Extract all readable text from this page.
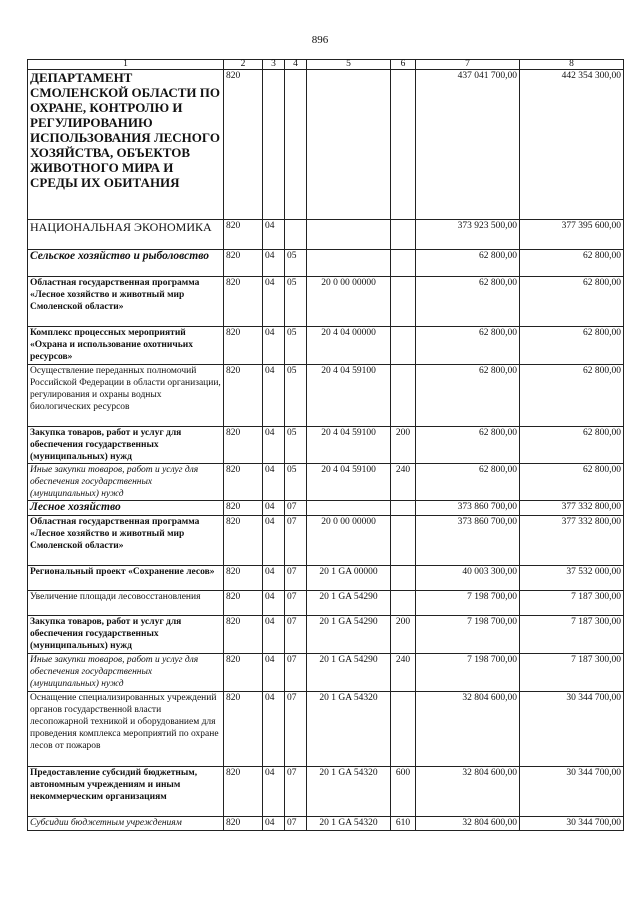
896
1	2	3	4	5	6	7	8
ДЕПАРТАМЕНТ СМОЛЕНСКОЙ ОБЛАСТИ ПО ОХРАНЕ, КОНТРОЛЮ И РЕГУЛИРОВАНИЮ ИСПОЛЬЗОВАНИЯ ЛЕСНОГО ХОЗЯЙСТВА, ОБЪЕКТОВ ЖИВОТНОГО МИРА И СРЕДЫ ИХ ОБИТАНИЯ	820					437 041 700,00	442 354 300,00
НАЦИОНАЛЬНАЯ ЭКОНОМИКА	820	04				373 923 500,00	377 395 600,00
Сельское хозяйство и рыболовство	820	04	05			62 800,00	62 800,00
Областная государственная программа «Лесное хозяйство и животный мир Смоленской области»	820	04	05	20 0 00 00000		62 800,00	62 800,00
Комплекс процессных мероприятий «Охрана и использование охотничьих ресурсов»	820	04	05	20 4 04 00000		62 800,00	62 800,00
Осуществление переданных полномочий Российской Федерации в области организации, регулирования и охраны водных биологических ресурсов	820	04	05	20 4 04 59100		62 800,00	62 800,00
Закупка товаров, работ и услуг для обеспечения государственных (муниципальных) нужд	820	04	05	20 4 04 59100	200	62 800,00	62 800,00
Иные закупки товаров, работ и услуг для обеспечения государственных (муниципальных) нужд	820	04	05	20 4 04 59100	240	62 800,00	62 800,00
Лесное хозяйство	820	04	07			373 860 700,00	377 332 800,00
Областная государственная программа «Лесное хозяйство и животный мир Смоленской области»	820	04	07	20 0 00 00000		373 860 700,00	377 332 800,00
Региональный проект «Сохранение лесов»	820	04	07	20 1 GA 00000		40 003 300,00	37 532 000,00
Увеличение площади лесовосстановления	820	04	07	20 1 GA 54290		7 198 700,00	7 187 300,00
Закупка товаров, работ и услуг для обеспечения государственных (муниципальных) нужд	820	04	07	20 1 GA 54290	200	7 198 700,00	7 187 300,00
Иные закупки товаров, работ и услуг для обеспечения государственных (муниципальных) нужд	820	04	07	20 1 GA 54290	240	7 198 700,00	7 187 300,00
Оснащение специализированных учреждений органов государственной власти лесопожарной техникой и оборудованием для проведения комплекса мероприятий по охране лесов от пожаров	820	04	07	20 1 GA 54320		32 804 600,00	30 344 700,00
Предоставление субсидий бюджетным, автономным учреждениям и иным некоммерческим организациям	820	04	07	20 1 GA 54320	600	32 804 600,00	30 344 700,00
Субсидии бюджетным учреждениям	820	04	07	20 1 GA 54320	610	32 804 600,00	30 344 700,00
